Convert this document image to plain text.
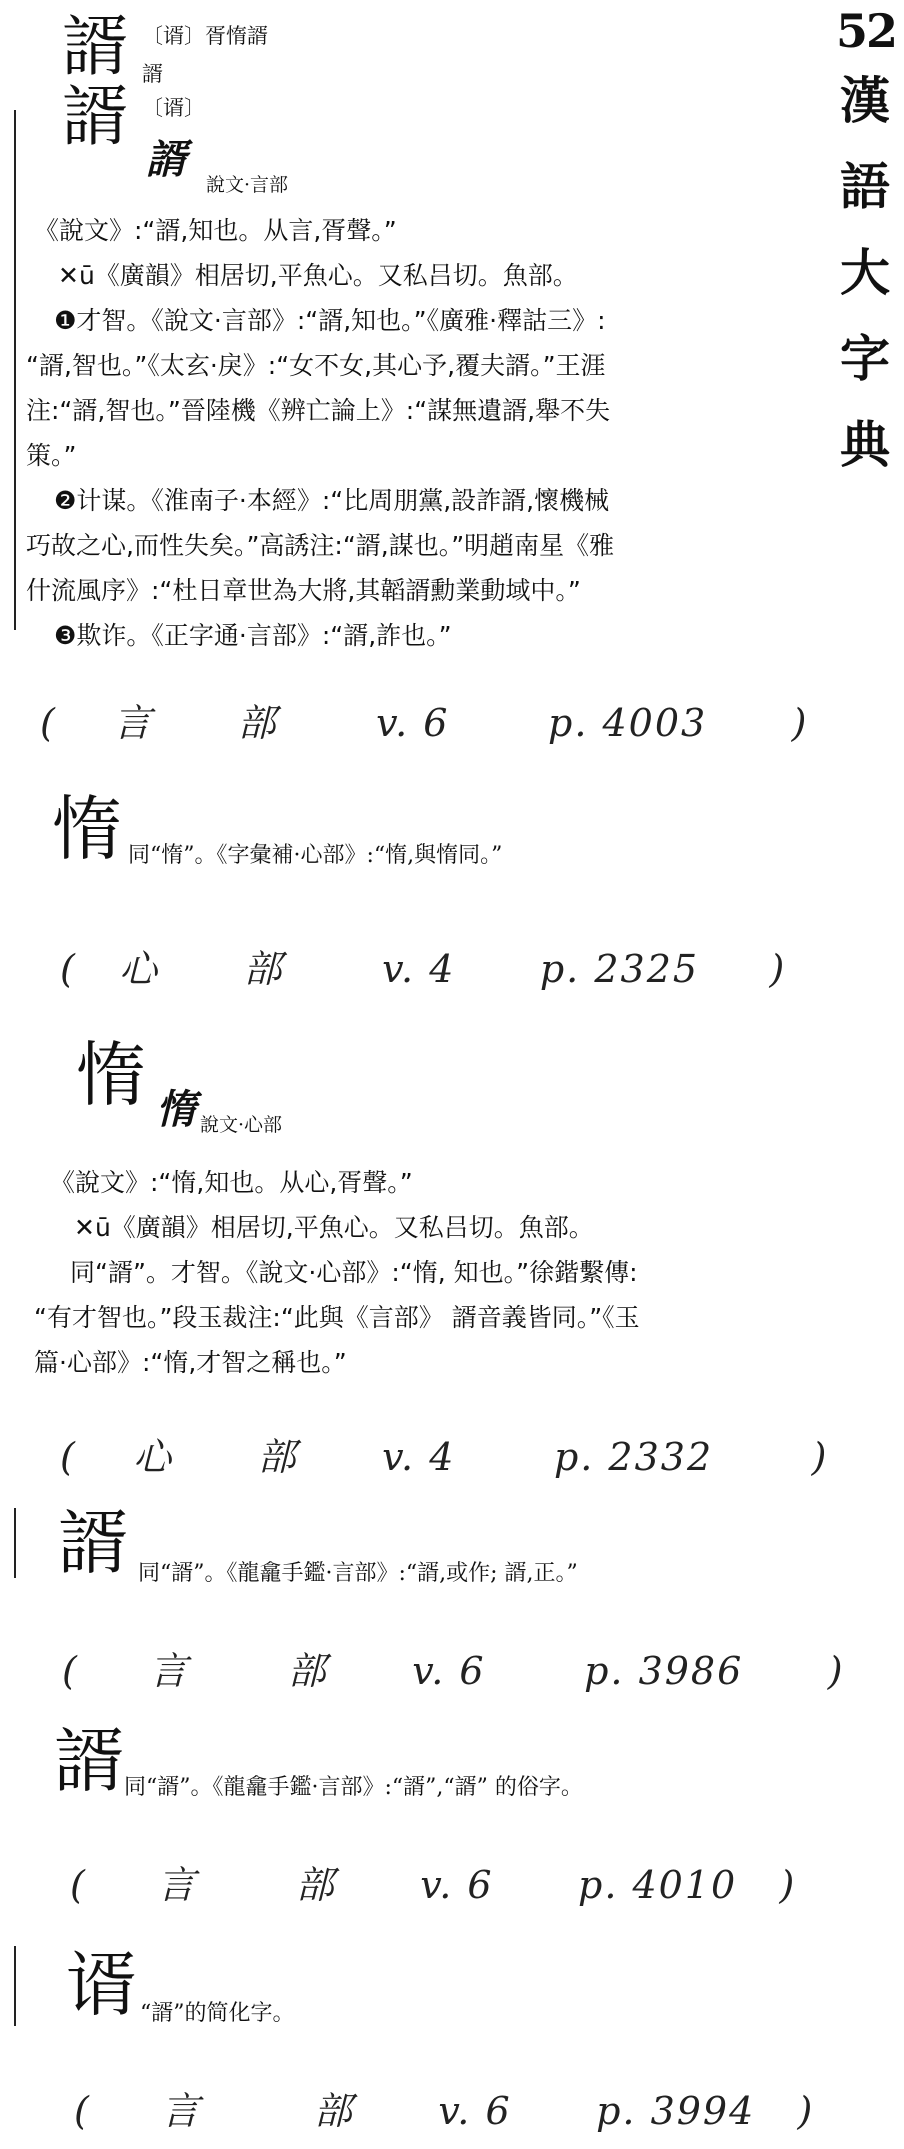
52
漢
語
大
字
典
諝
諝
〔谞〕胥惰諝
諝
〔谞〕
諝
說文·言部

《說文》:“諝,知也。从言,胥聲。”

✕ū《廣韻》相居切,平魚心。又私吕切。魚部。

❶才智。《說文·言部》:“諝,知也。”《廣雅·釋詁三》:

“諝,智也。”《太玄·戾》:“女不女,其心予,覆夫諝。”王涯

注:“諝,智也。”晉陸機《辨亡論上》:“謀無遺諝,舉不失

策。”

❷计谋。《淮南子·本經》:“比周朋黨,設詐諝,懷機械

巧故之心,而性失矣。”高誘注:“諝,謀也。”明趙南星《雅

什流風序》:“杜日章世為大將,其韜諝勳業動域中。”

❸欺诈。《正字通·言部》:“諝,詐也。”

(    言      部       v. 6       p. 4003      )
惰 同“惰”。《字彙補·心部》:“惰,與惰同。”
(   心      部       v. 4      p. 2325     )
惰 惰 說文·心部

《說文》:“惰,知也。从心,胥聲。”

✕ū《廣韻》相居切,平魚心。又私吕切。魚部。

同“諝”。才智。《說文·心部》:“惰, 知也。”徐鍇繫傳:

“有才智也。”段玉裁注:“此與《言部》 諝音義皆同。”《玉

篇·心部》:“惰,才智之稱也。”

(    心      部      v. 4       p. 2332       )
諝 同“諝”。《龍龕手鑑·言部》:“諝,或作; 諝,正。”
(     言       部      v. 6       p. 3986      )
諝 同“諝”。《龍龕手鑑·言部》:“諝”,“諝” 的俗字。
(     言       部      v. 6      p. 4010   )
谞 “諝”的简化字。
(     言        部      v. 6      p. 3994   )
